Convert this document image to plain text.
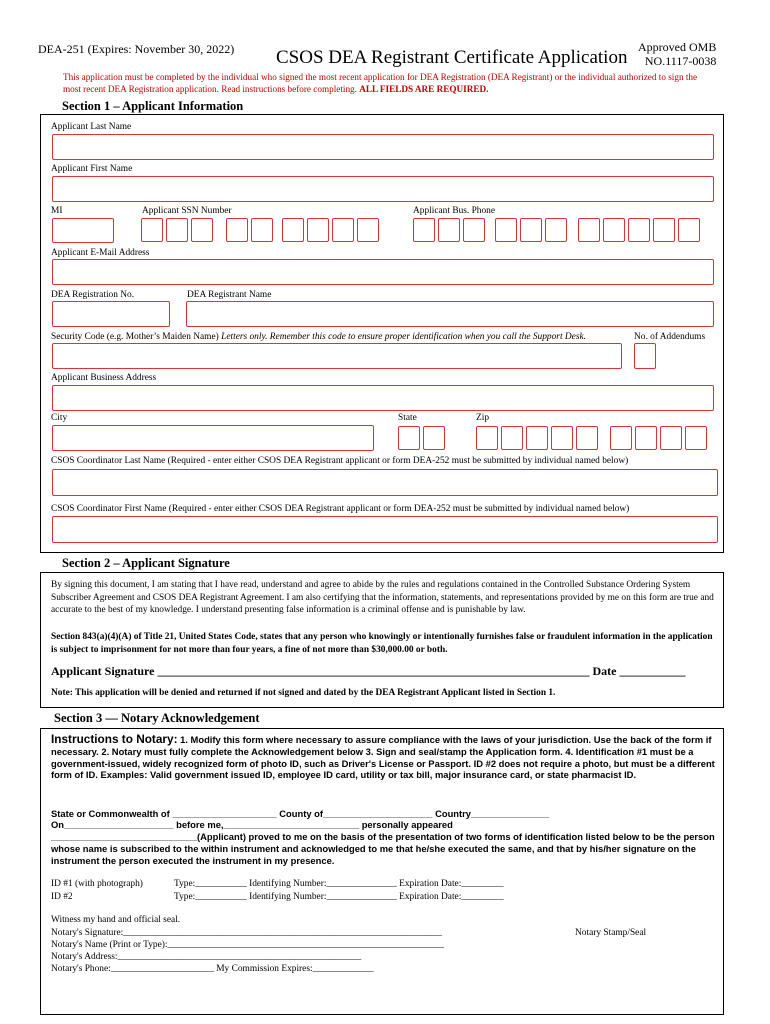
DEA-251 (Expires: November 30, 2022) CSOS DEA Registrant Certificate Application Approved OMB
NO.1117-0038
This application must be completed by the individual who signed the most recent application for DEA Registration (DEA Registrant) or the individual authorized to sign the most recent DEA Registration application. Read instructions before completing. ALL FIELDS ARE REQUIRED.
Section 1 – Applicant Information
Applicant Last Name
Applicant First Name
MI	Applicant SSN Number	Applicant Bus. Phone
Applicant E-Mail Address
DEA Registration No.	DEA Registrant Name
Security Code (e.g. Mother’s Maiden Name) Letters only. Remember this code to ensure proper identification when you call the Support Desk.	No. of Addendums
Applicant Business Address
City	State	Zip
CSOS Coordinator Last Name (Required - enter either CSOS DEA Registrant applicant or form DEA-252 must be submitted by individual named below)
CSOS Coordinator First Name (Required - enter either CSOS DEA Registrant applicant or form DEA-252 must be submitted by individual named below)
Section 2 – Applicant Signature
By signing this document, I am stating that I have read, understand and agree to abide by the rules and regulations contained in the Controlled Substance Ordering System Subscriber Agreement and CSOS DEA Registrant Agreement. I am also certifying that the information, statements, and representations provided by me on this form are true and accurate to the best of my knowledge. I understand presenting false information is a criminal offense and is punishable by law.
Section 843(a)(4)(A) of Title 21, United States Code, states that any person who knowingly or intentionally furnishes false or fraudulent information in the application is subject to imprisonment for not more than four years, a fine of not more than $30,000.00 or both.
Applicant Signature ________________________________________________________________________ Date ___________
Note: This application will be denied and returned if not signed and dated by the DEA Registrant Applicant listed in Section 1.
Section 3 — Notary Acknowledgement
Instructions to Notary: 1. Modify this form where necessary to assure compliance with the laws of your jurisdiction. Use the back of the form if necessary. 2. Notary must fully complete the Acknowledgement below 3. Sign and seal/stamp the Application form. 4. Identification #1 must be a government-issued, widely recognized form of photo ID, such as Driver's License or Passport. ID #2 does not require a photo, but must be a different form of ID. Examples: Valid government issued ID, employee ID card, utility or tax bill, major insurance card, or state pharmacist ID.
State or Commonwealth of ____________________ County of_____________________ Country_______________
On_____________________ before me,__________________________ personally appeared
____________________________(Applicant) proved to me on the basis of the presentation of two forms of identification listed below to be the person whose name is subscribed to the within instrument and acknowledged to me that he/she executed the same, and that by his/her signature on the instrument the person executed the instrument in my presence.
ID #1 (with photograph)	Type:___________ Identifying Number:_______________ Expiration Date:_________
ID #2	Type:___________ Identifying Number:_______________ Expiration Date:_________
Witness my hand and official seal.
Notary's Signature:____________________________________________________________________	Notary Stamp/Seal
Notary's Name (Print or Type):___________________________________________________________
Notary's Address:____________________________________________________
Notary's Phone:______________________ My Commission Expires:_____________
